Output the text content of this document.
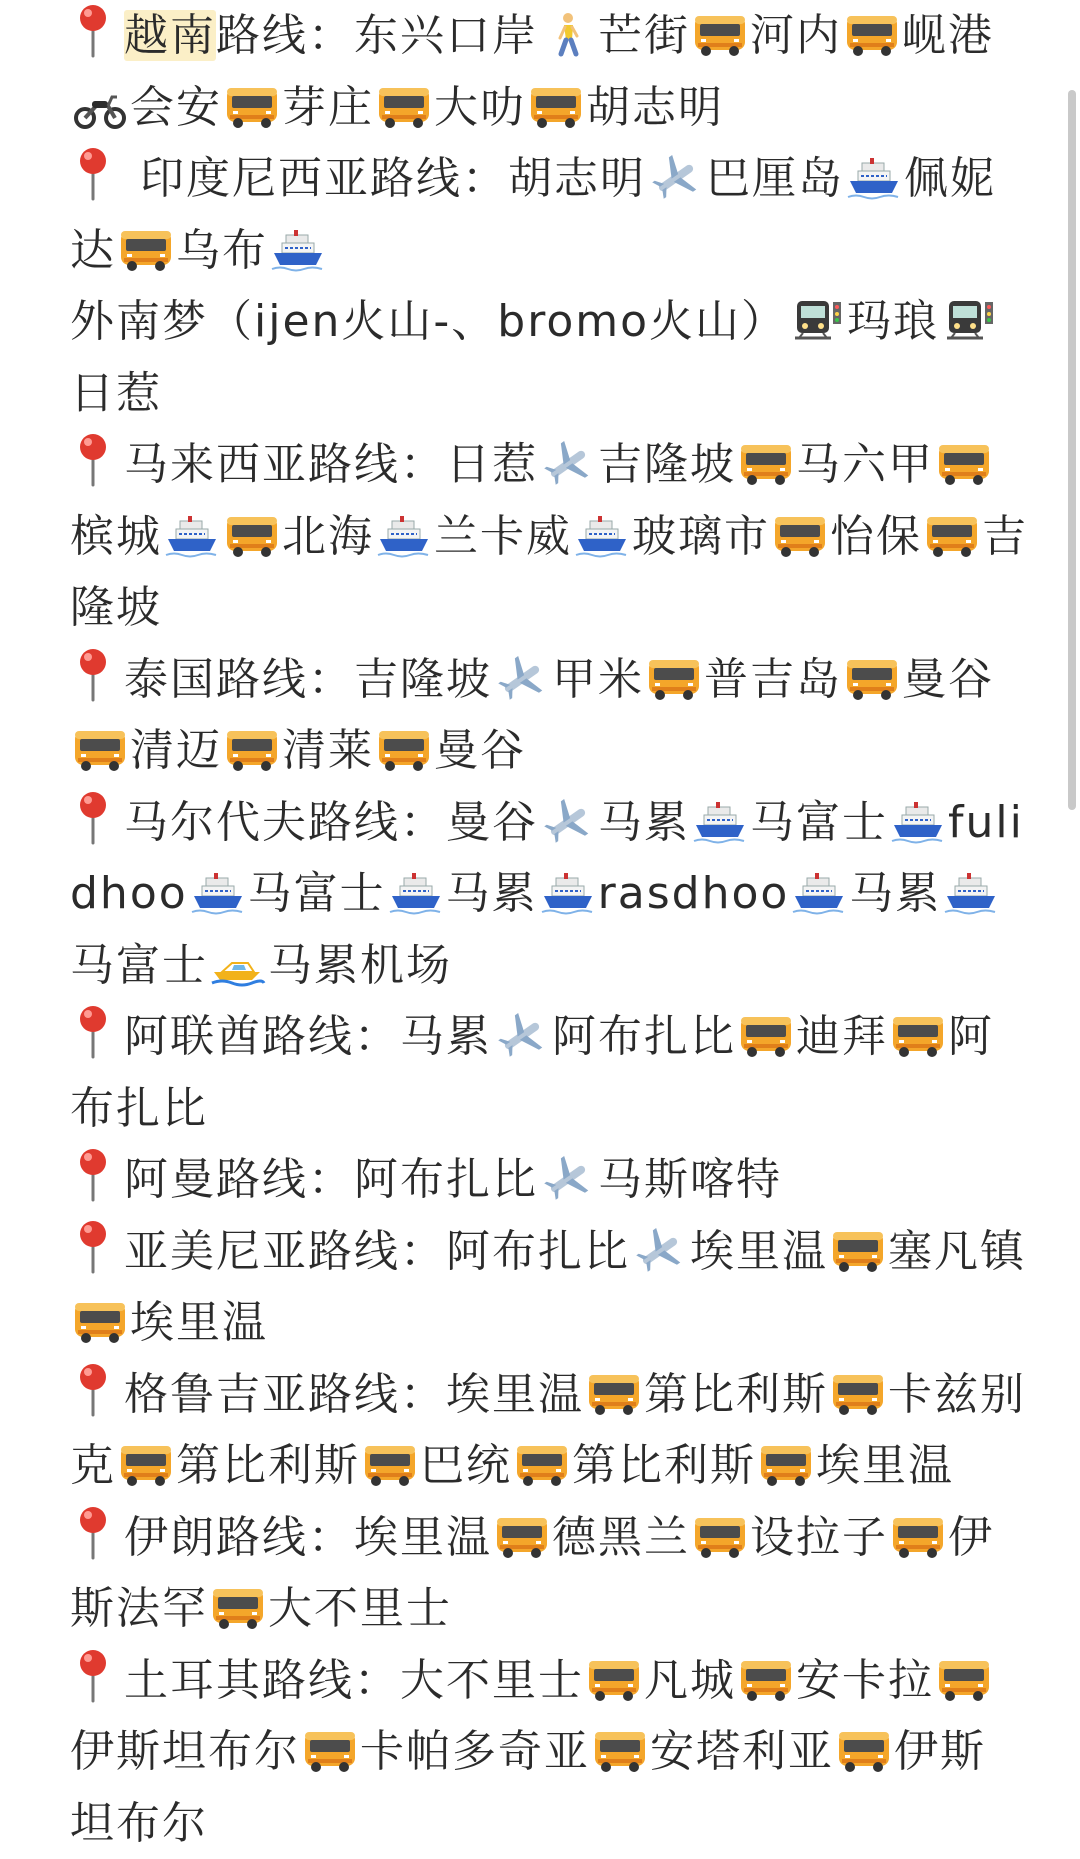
越南路线：东兴口岸 芒街 河内 岘港
会安 芽庄 大叻 胡志明
印度尼西亚路线：胡志明 巴厘岛 佩妮达 乌布
外南梦（ijen火山-、bromo火山） 玛琅
日惹
马来西亚路线：日惹 吉隆坡 马六甲
槟城	北海 兰卡威 玻璃市 怡保 吉隆坡
泰国路线：吉隆坡 甲米 普吉岛 曼谷
清迈 清莱 曼谷
马尔代夫路线：曼谷 马累 马富士 fulidhoo 马富士 马累 rasdhoo 马累
马富士 马累机场
阿联酋路线：马累 阿布扎比 迪拜 阿布扎比
阿曼路线：阿布扎比 马斯喀特
亚美尼亚路线：阿布扎比 埃里温 塞凡镇
埃里温
格鲁吉亚路线：埃里温 第比利斯 卡兹别克 第比利斯 巴统 第比利斯 埃里温
伊朗路线：埃里温 德黑兰 设拉子 伊斯法罕 大不里士
土耳其路线：大不里士 凡城 安卡拉
伊斯坦布尔 卡帕多奇亚 安塔利亚 伊斯坦布尔
